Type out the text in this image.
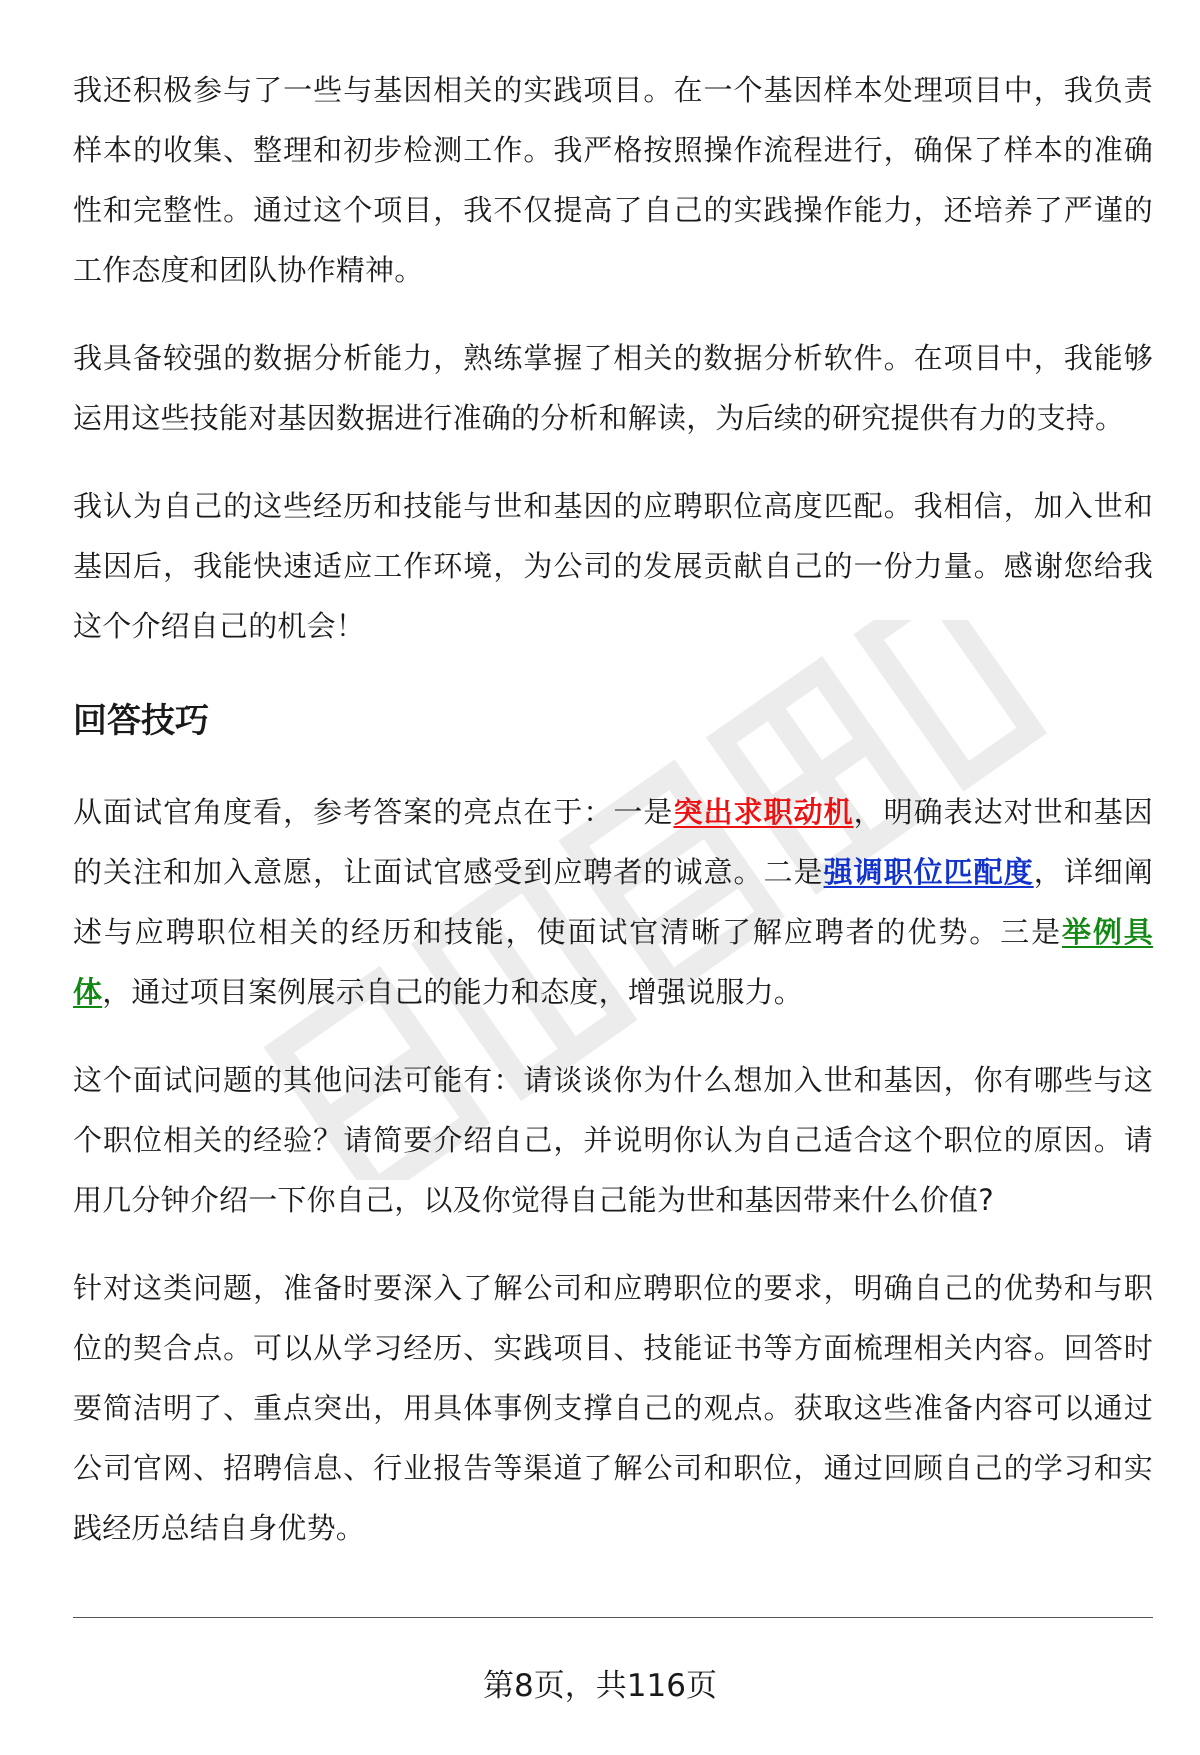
我还积极参与了一些与基因相关的实践项目。在一个基因样本处理项目中，我负责样本的收集、整理和初步检测工作。我严格按照操作流程进行，确保了样本的准确性和完整性。通过这个项目，我不仅提高了自己的实践操作能力，还培养了严谨的工作态度和团队协作精神。

我具备较强的数据分析能力，熟练掌握了相关的数据分析软件。在项目中，我能够运用这些技能对基因数据进行准确的分析和解读，为后续的研究提供有力的支持。

我认为自己的这些经历和技能与世和基因的应聘职位高度匹配。我相信，加入世和基因后，我能快速适应工作环境，为公司的发展贡献自己的一份力量。感谢您给我这个介绍自己的机会！

回答技巧

从面试官角度看，参考答案的亮点在于：一是突出求职动机，明确表达对世和基因的关注和加入意愿，让面试官感受到应聘者的诚意。二是强调职位匹配度，详细阐述与应聘职位相关的经历和技能，使面试官清晰了解应聘者的优势。三是举例具体，通过项目案例展示自己的能力和态度，增强说服力。

这个面试问题的其他问法可能有：请谈谈你为什么想加入世和基因，你有哪些与这个职位相关的经验？请简要介绍自己，并说明你认为自己适合这个职位的原因。请用几分钟介绍一下你自己，以及你觉得自己能为世和基因带来什么价值?

针对这类问题，准备时要深入了解公司和应聘职位的要求，明确自己的优势和与职位的契合点。可以从学习经历、实践项目、技能证书等方面梳理相关内容。回答时要简洁明了、重点突出，用具体事例支撑自己的观点。获取这些准备内容可以通过公司官网、招聘信息、行业报告等渠道了解公司和职位，通过回顾自己的学习和实践经历总结自身优势。

第8页，共116页
